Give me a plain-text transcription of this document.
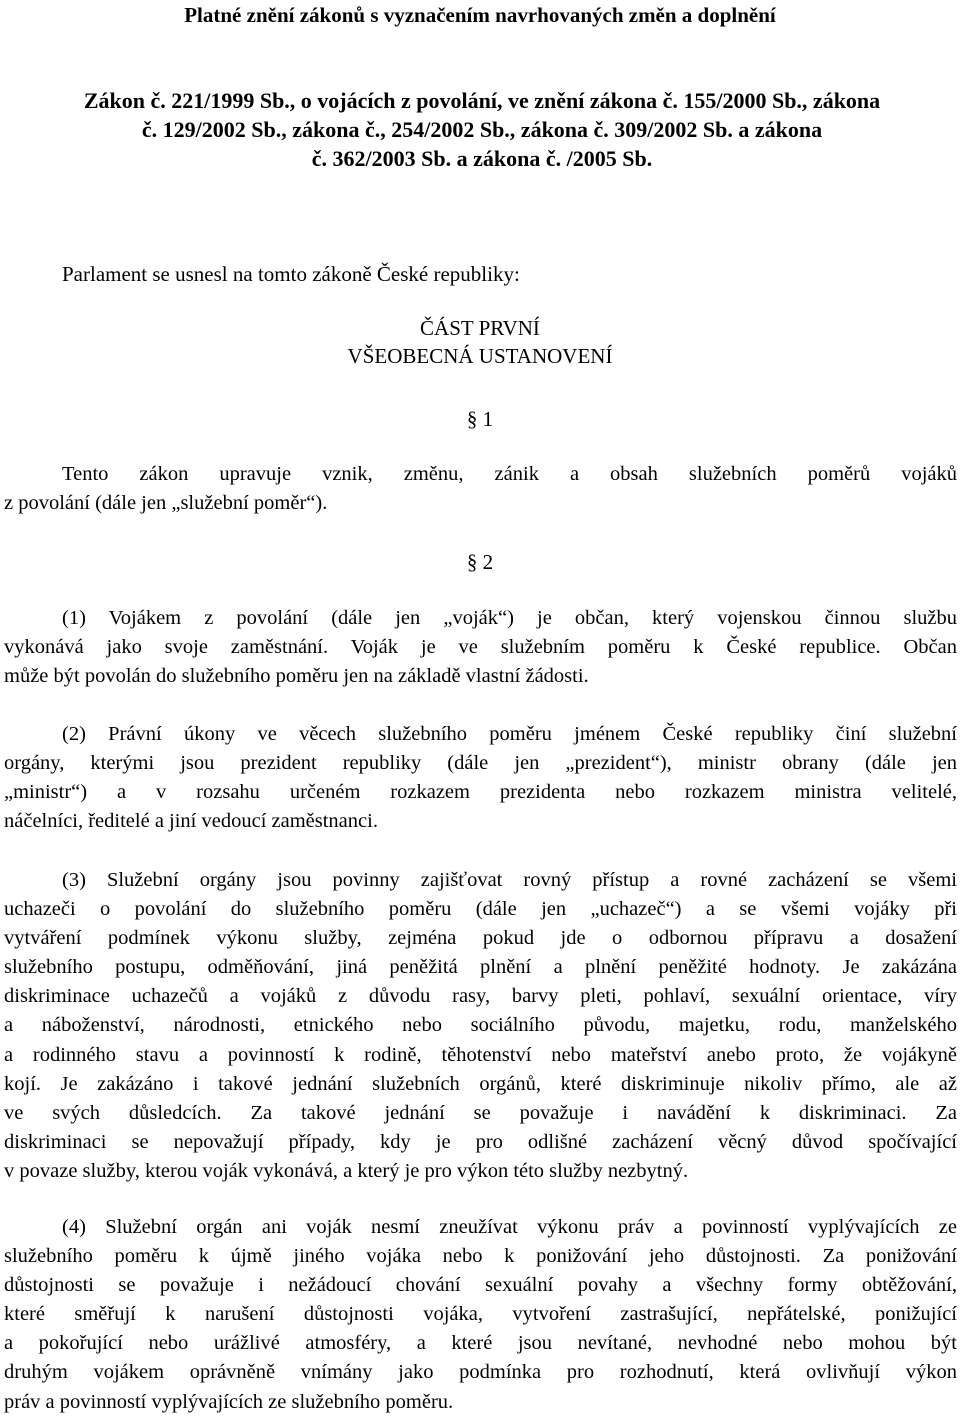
Platné znění zákonů s vyznačením navrhovaných změn a doplnění
Zákon č. 221/1999 Sb., o vojácích z povolání, ve znění zákona č. 155/2000 Sb., zákona
č. 129/2002 Sb., zákona č., 254/2002 Sb., zákona č. 309/2002 Sb. a zákona
č. 362/2003 Sb. a zákona č. /2005 Sb.
Parlament se usnesl na tomto zákoně České republiky:
ČÁST PRVNÍ
VŠEOBECNÁ USTANOVENÍ
§ 1
Tento zákon upravuje vznik, změnu, zánik a obsah služebních poměrů vojáků
z povolání (dále jen „služební poměr“).
§ 2
(1) Vojákem z povolání (dále jen „voják“) je občan, který vojenskou činnou službu
vykonává jako svoje zaměstnání. Voják je ve služebním poměru k České republice. Občan
může být povolán do služebního poměru jen na základě vlastní žádosti.
(2) Právní úkony ve věcech služebního poměru jménem České republiky činí služební
orgány, kterými jsou prezident republiky (dále jen „prezident“), ministr obrany (dále jen
„ministr“) a v rozsahu určeném rozkazem prezidenta nebo rozkazem ministra velitelé,
náčelníci, ředitelé a jiní vedoucí zaměstnanci.
(3) Služební orgány jsou povinny zajišťovat rovný přístup a rovné zacházení se všemi
uchazeči o povolání do služebního poměru (dále jen „uchazeč“) a se všemi vojáky při
vytváření podmínek výkonu služby, zejména pokud jde o odbornou přípravu a dosažení
služebního postupu, odměňování, jiná peněžitá plnění a plnění peněžité hodnoty. Je zakázána
diskriminace uchazečů a vojáků z důvodu rasy, barvy pleti, pohlaví, sexuální orientace, víry
a náboženství, národnosti, etnického nebo sociálního původu, majetku, rodu, manželského
a rodinného stavu a povinností k rodině, těhotenství nebo mateřství anebo proto, že vojákyně
kojí. Je zakázáno i takové jednání služebních orgánů, které diskriminuje nikoliv přímo, ale až
ve svých důsledcích. Za takové jednání se považuje i navádění k diskriminaci. Za
diskriminaci se nepovažují případy, kdy je pro odlišné zacházení věcný důvod spočívající
v povaze služby, kterou voják vykonává, a který je pro výkon této služby nezbytný.
(4) Služební orgán ani voják nesmí zneužívat výkonu práv a povinností vyplývajících ze
služebního poměru k újmě jiného vojáka nebo k ponižování jeho důstojnosti. Za ponižování
důstojnosti se považuje i nežádoucí chování sexuální povahy a všechny formy obtěžování,
které směřují k narušení důstojnosti vojáka, vytvoření zastrašující, nepřátelské, ponižující
a pokořující nebo urážlivé atmosféry, a které jsou nevítané, nevhodné nebo mohou být
druhým vojákem oprávněně vnímány jako podmínka pro rozhodnutí, která ovlivňují výkon
práv a povinností vyplývajících ze služebního poměru.
